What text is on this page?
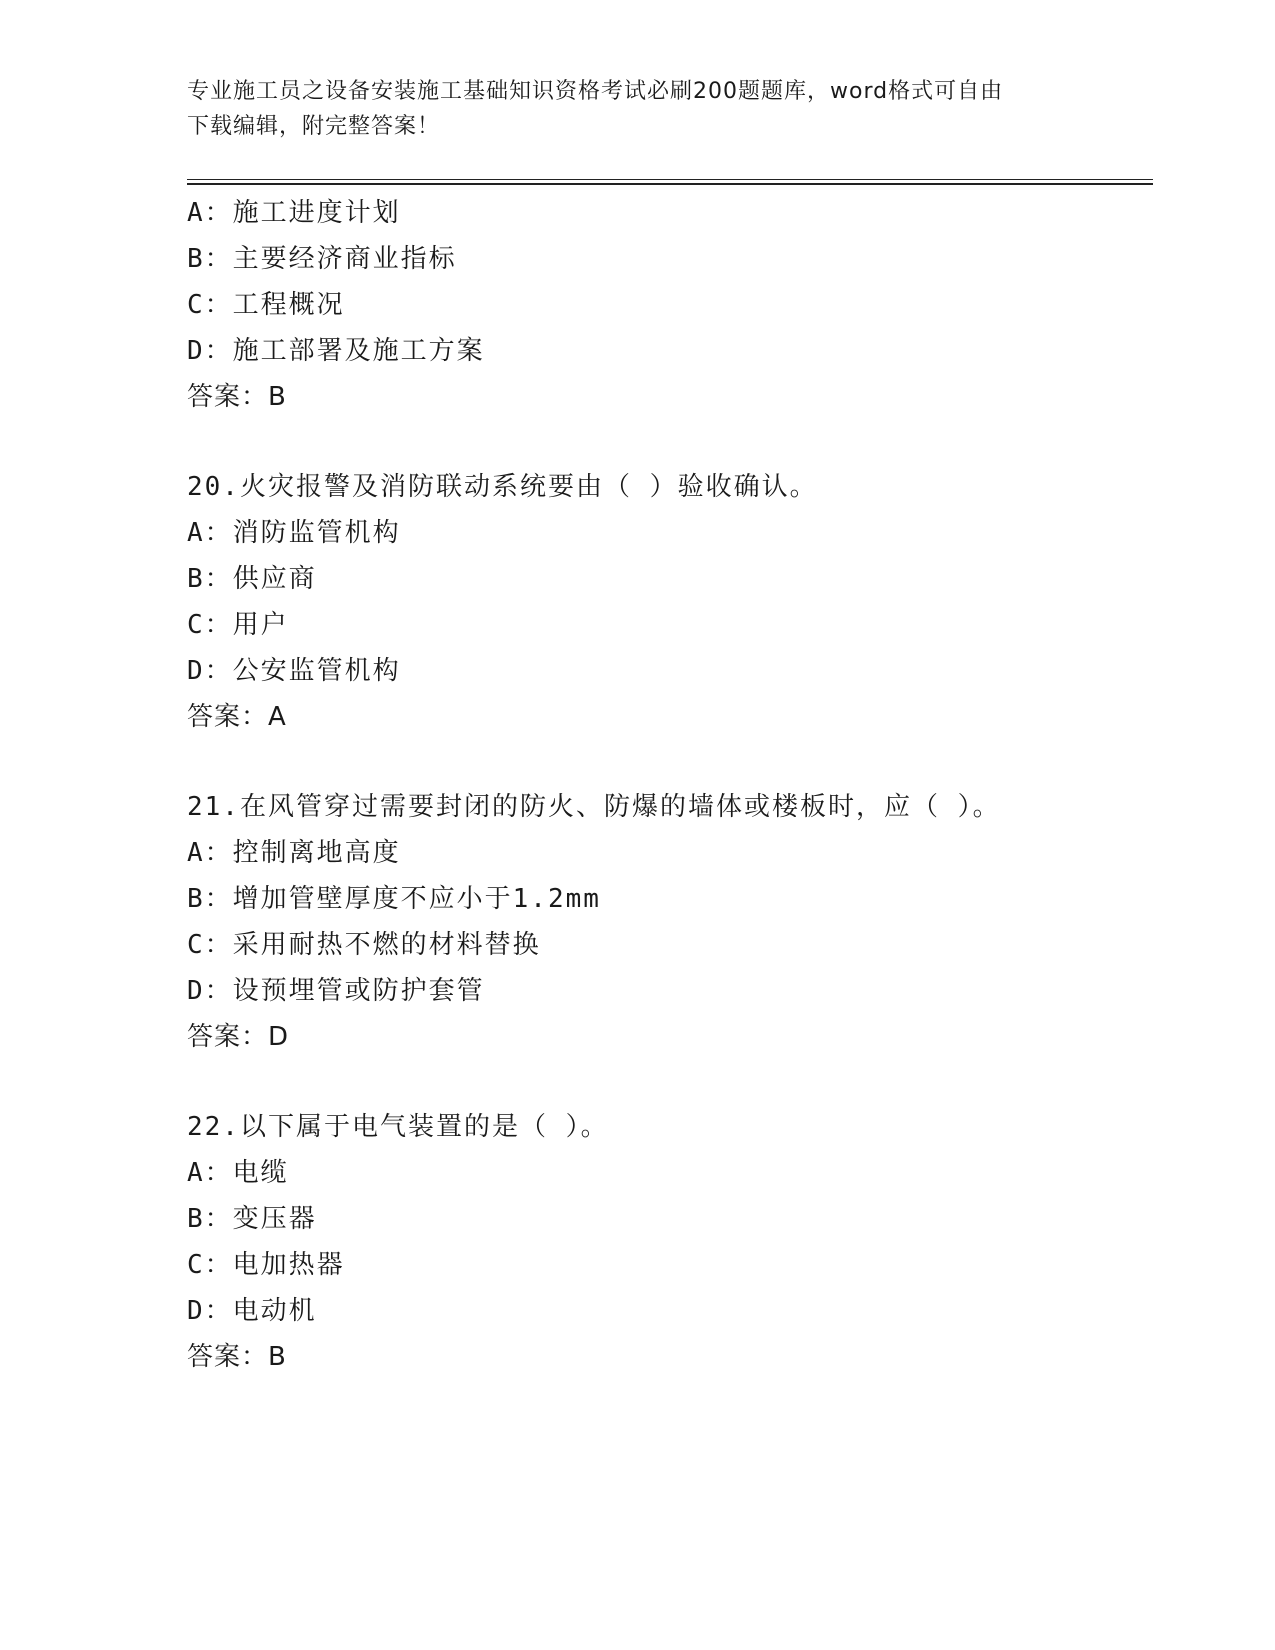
专业施工员之设备安装施工基础知识资格考试必刷200题题库，word格式可自由
下载编辑，附完整答案！
A：施工进度计划
B：主要经济商业指标
C：工程概况
D：施工部署及施工方案
答案：B
20.火灾报警及消防联动系统要由（ ）验收确认。
A：消防监管机构
B：供应商
C：用户
D：公安监管机构
答案：A
21.在风管穿过需要封闭的防火、防爆的墙体或楼板时，应（ ）。
A：控制离地高度
B：增加管壁厚度不应小于1.2mm
C：采用耐热不燃的材料替换
D：设预埋管或防护套管
答案：D
22.以下属于电气装置的是（ ）。
A：电缆
B：变压器
C：电加热器
D：电动机
答案：B
